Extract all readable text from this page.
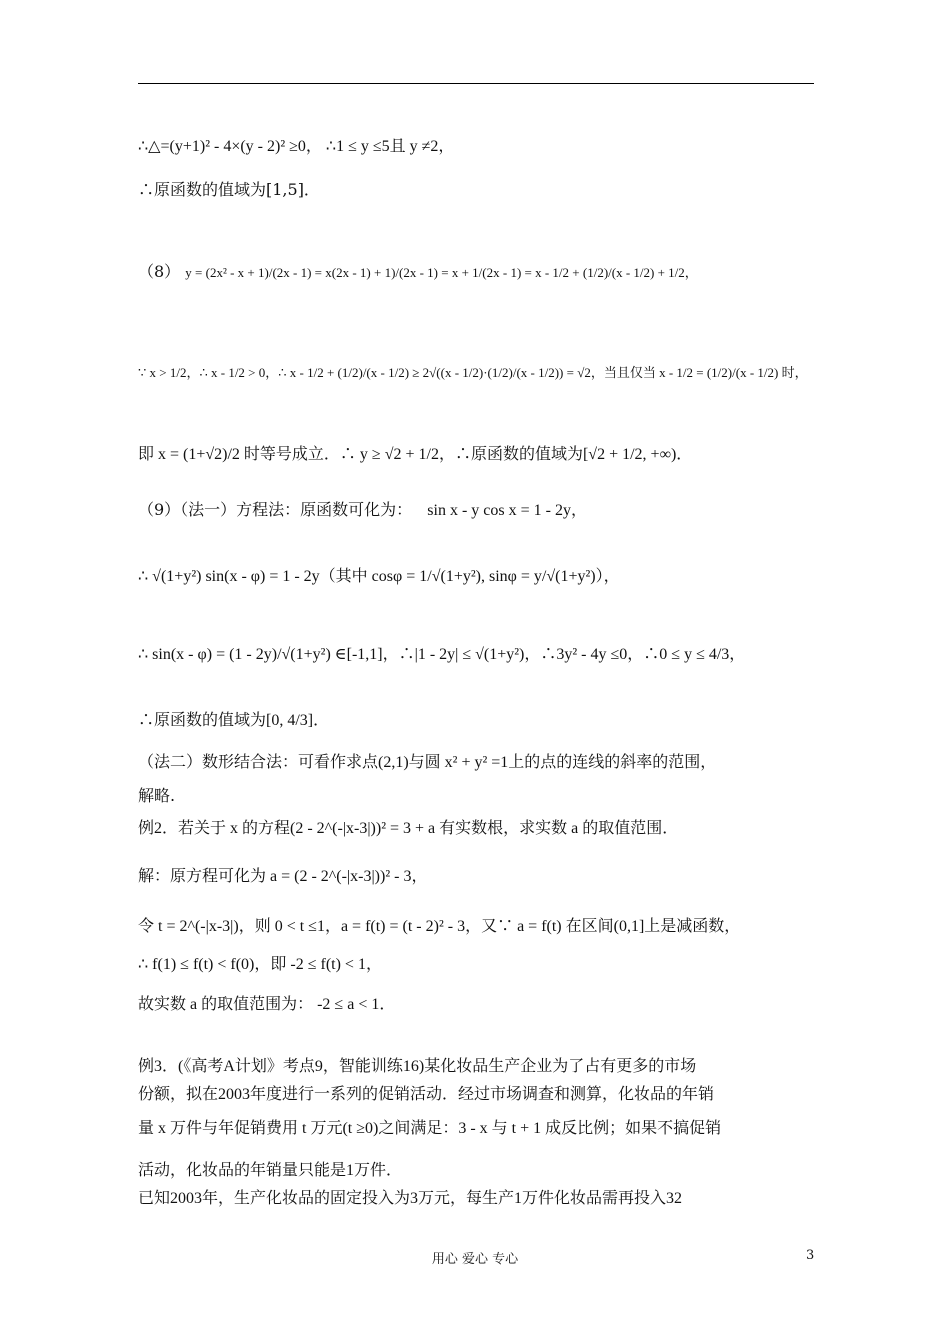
∴△=(y+1)² - 4×(y - 2)² ≥0， ∴1 ≤ y ≤5且 y ≠2，
∴原函数的值域为[1,5]．
（8） y = (2x² - x + 1)/(2x - 1) = x(2x - 1) + 1)/(2x - 1) = x + 1/(2x - 1) = x - 1/2 + (1/2)/(x - 1/2) + 1/2，
∵ x > 1/2，∴ x - 1/2 > 0，∴ x - 1/2 + (1/2)/(x - 1/2) ≥ 2√((x - 1/2)·(1/2)/(x - 1/2)) = √2，当且仅当 x - 1/2 = (1/2)/(x - 1/2) 时，
即 x = (1+√2)/2 时等号成立．∴ y ≥ √2 + 1/2，∴原函数的值域为[√2 + 1/2, +∞)．
（9）（法一）方程法：原函数可化为： sin x - y cos x = 1 - 2y，
∴ √(1+y²) sin(x - φ) = 1 - 2y（其中 cosφ = 1/√(1+y²), sinφ = y/√(1+y²)），
∴ sin(x - φ) = (1 - 2y)/√(1+y²) ∈[-1,1]，∴|1 - 2y| ≤ √(1+y²)，∴3y² - 4y ≤0，∴0 ≤ y ≤ 4/3，
∴原函数的值域为[0, 4/3]．
（法二）数形结合法：可看作求点(2,1)与圆 x² + y² =1上的点的连线的斜率的范围，
解略.
例2．若关于 x 的方程(2 - 2^(-|x-3|))² = 3 + a 有实数根，求实数 a 的取值范围．
解：原方程可化为 a = (2 - 2^(-|x-3|))² - 3，
令 t = 2^(-|x-3|)，则 0 < t ≤1，a = f(t) = (t - 2)² - 3，又∵ a = f(t) 在区间(0,1]上是减函数，
∴ f(1) ≤ f(t) < f(0)，即 -2 ≤ f(t) < 1，
故实数 a 的取值范围为： -2 ≤ a < 1．
例3．(《高考A计划》考点9，智能训练16)某化妆品生产企业为了占有更多的市场
份额，拟在2003年度进行一系列的促销活动．经过市场调查和测算，化妆品的年销
量 x 万件与年促销费用 t 万元(t ≥0)之间满足：3 - x 与 t + 1 成反比例；如果不搞促销
活动，化妆品的年销量只能是1万件．
已知2003年，生产化妆品的固定投入为3万元，每生产1万件化妆品需再投入32
用心 爱心 专心	3
